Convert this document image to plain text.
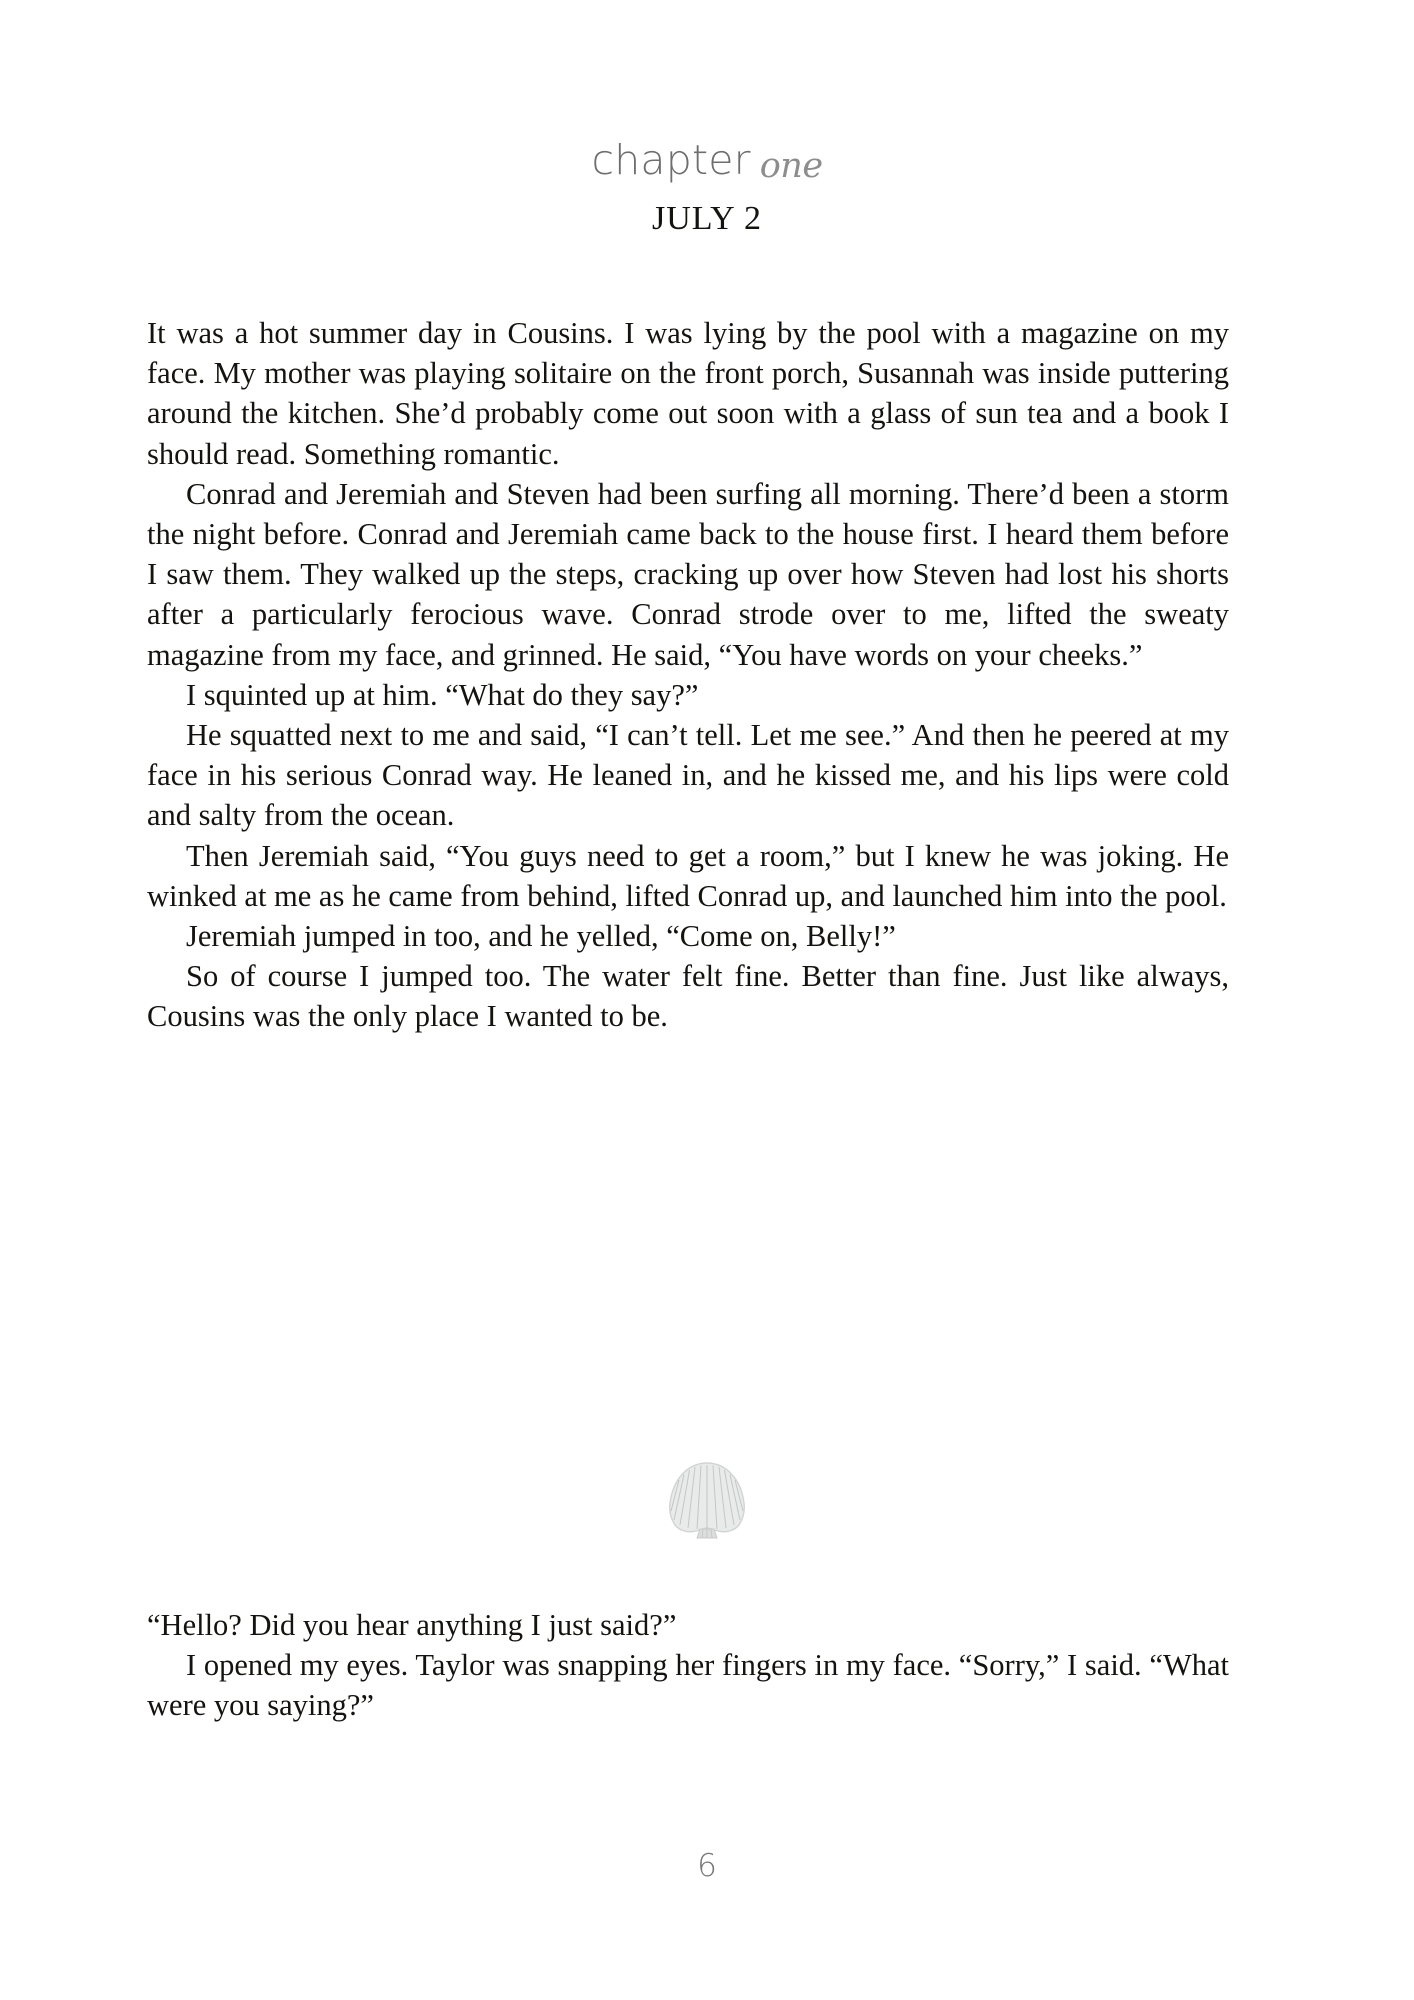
chapter one
JULY 2

It was a hot summer day in Cousins. I was lying by the pool with a magazine on my face. My mother was playing solitaire on the front porch, Susannah was inside puttering around the kitchen. She’d probably come out soon with a glass of sun tea and a book I should read. Something romantic.

Conrad and Jeremiah and Steven had been surfing all morning. There’d been a storm the night before. Conrad and Jeremiah came back to the house first. I heard them before I saw them. They walked up the steps, cracking up over how Steven had lost his shorts after a particularly ferocious wave. Conrad strode over to me, lifted the sweaty magazine from my face, and grinned. He said, “You have words on your cheeks.”

I squinted up at him. “What do they say?”

He squatted next to me and said, “I can’t tell. Let me see.” And then he peered at my face in his serious Conrad way. He leaned in, and he kissed me, and his lips were cold and salty from the ocean.

Then Jeremiah said, “You guys need to get a room,” but I knew he was joking. He winked at me as he came from behind, lifted Conrad up, and launched him into the pool.

Jeremiah jumped in too, and he yelled, “Come on, Belly!”

So of course I jumped too. The water felt fine. Better than fine. Just like always, Cousins was the only place I wanted to be.

“Hello? Did you hear anything I just said?”

I opened my eyes. Taylor was snapping her fingers in my face. “Sorry,” I said. “What were you saying?”

6
